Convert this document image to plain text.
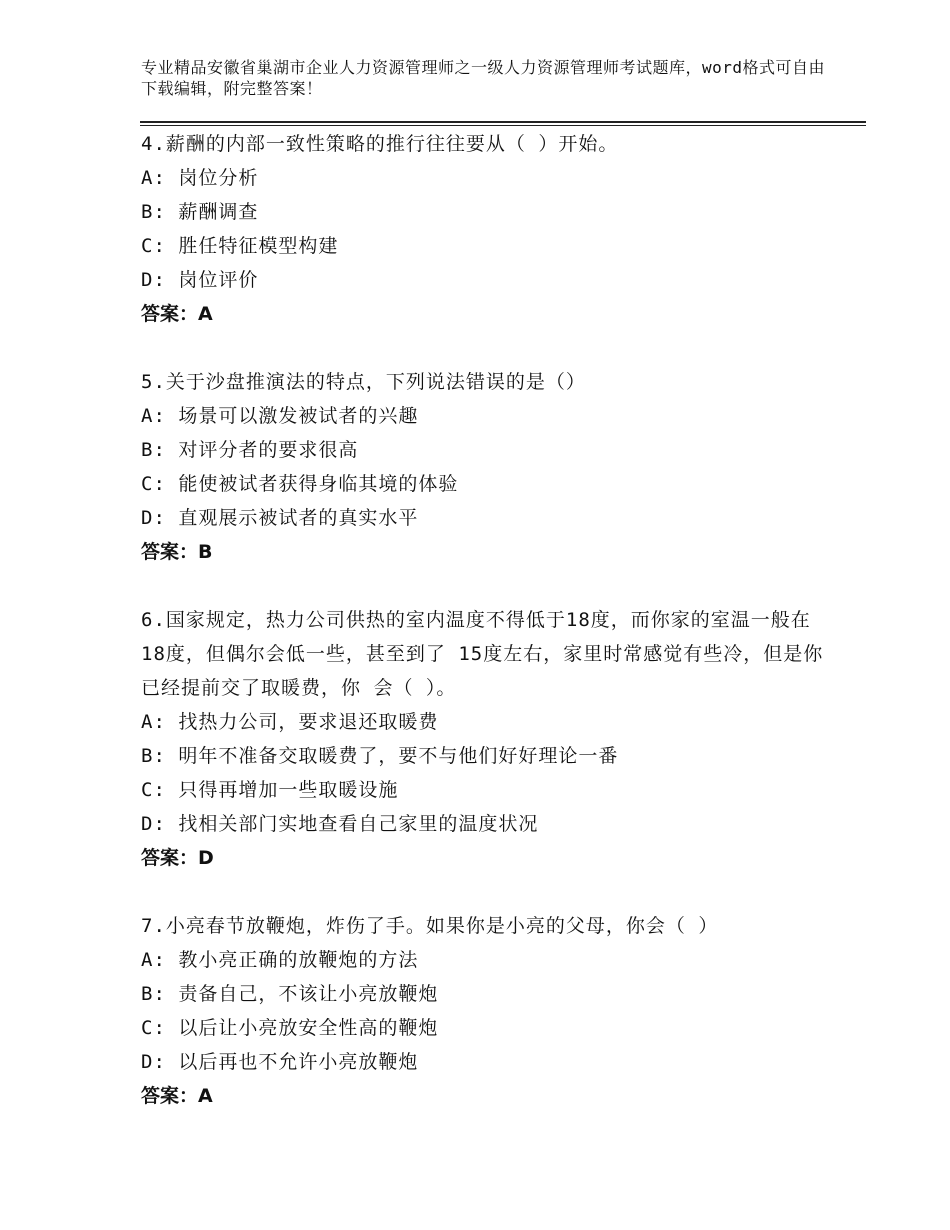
专业精品安徽省巢湖市企业人力资源管理师之一级人力资源管理师考试题库，word格式可自由下载编辑，附完整答案！
4.薪酬的内部一致性策略的推行往往要从（ ）开始。
A: 岗位分析
B: 薪酬调查
C: 胜任特征模型构建
D: 岗位评价
答案：A
5.关于沙盘推演法的特点，下列说法错误的是（）
A: 场景可以激发被试者的兴趣
B: 对评分者的要求很高
C: 能使被试者获得身临其境的体验
D: 直观展示被试者的真实水平
答案：B
6.国家规定，热力公司供热的室内温度不得低于18度，而你家的室温一般在18度，但偶尔会低一些，甚至到了 15度左右，家里时常感觉有些冷，但是你已经提前交了取暖费，你 会（ ）。
A: 找热力公司，要求退还取暖费
B: 明年不准备交取暖费了，要不与他们好好理论一番
C: 只得再增加一些取暖设施
D: 找相关部门实地查看自己家里的温度状况
答案：D
7.小亮春节放鞭炮，炸伤了手。如果你是小亮的父母，你会（ ）
A: 教小亮正确的放鞭炮的方法
B: 责备自己，不该让小亮放鞭炮
C: 以后让小亮放安全性高的鞭炮
D: 以后再也不允许小亮放鞭炮
答案：A
